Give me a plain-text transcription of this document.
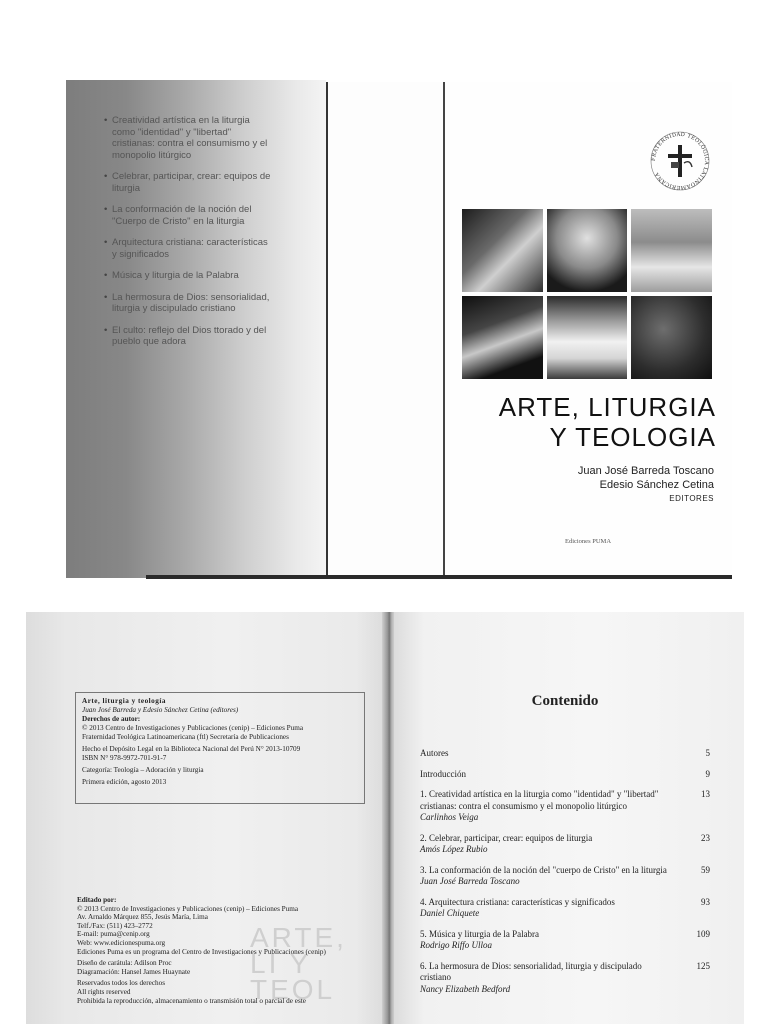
• Creatividad artística en la liturgia como "identidad" y "libertad" cristianas: contra el consumismo y el monopolio litúrgico
• Celebrar, participar, crear: equipos de liturgia
• La conformación de la noción del "Cuerpo de Cristo" en la liturgia
• Arquitectura cristiana: características y significados
• Música y liturgia de la Palabra
• La hermosura de Dios: sensorialidad, liturgia y discipulado cristiano
• El culto: reflejo del Dios ttorado y del pueblo que adora
FRATERNIDAD TEOLÓGICA LATINOAMERICANA
ARTE, LITURGIA
Y TEOLOGIA
Juan José Barreda Toscano
Edesio Sánchez Cetina
EDITORES
Ediciones PUMA

Arte, liturgia y teología

Juan José Barreda y Edesio Sánchez Cetina (editores)

Derechos de autor:

© 2013 Centro de Investigaciones y Publicaciones (cenip) – Ediciones Puma

Fraternidad Teológica Latinoamericana (ftl) Secretaría de Publicaciones

Hecho el Depósito Legal en la Biblioteca Nacional del Perú N° 2013-10709

ISBN N° 978-9972-701-91-7

Categoría: Teología – Adoración y liturgia

Primera edición, agosto 2013

ARTE, LI Y TEOL

Editado por:

© 2013 Centro de Investigaciones y Publicaciones (cenip) – Ediciones Puma

Av. Arnaldo Márquez 855, Jesús María, Lima

Telf./Fax: (511) 423–2772

E-mail: puma@cenip.org

Web: www.edicionespuma.org

Ediciones Puma es un programa del Centro de Investigaciones y Publicaciones (cenip)

Diseño de carátula: Adilson Proc

Diagramación: Hansel James Huaynate

Reservados todos los derechos

All rights reserved

Prohibida la reproducción, almacenamiento o transmisión total o parcial de este

Contenido
Autores	5
Introducción	9
1. Creatividad artística en la liturgia como "identidad" y "libertad" cristianas: contra el consumismo y el monopolio litúrgico
Carlinhos Veiga
13
2. Celebrar, participar, crear: equipos de liturgia
Amós López Rubio
23
3. La conformación de la noción del "cuerpo de Cristo" en la liturgia
Juan José Barreda Toscano
59
4. Arquitectura cristiana: características y significados
Daniel Chiquete
93
5. Música y liturgia de la Palabra
Rodrigo Riffo Ulloa
109
6. La hermosura de Dios: sensorialidad, liturgia y discipulado cristiano
Nancy Elizabeth Bedford
125
